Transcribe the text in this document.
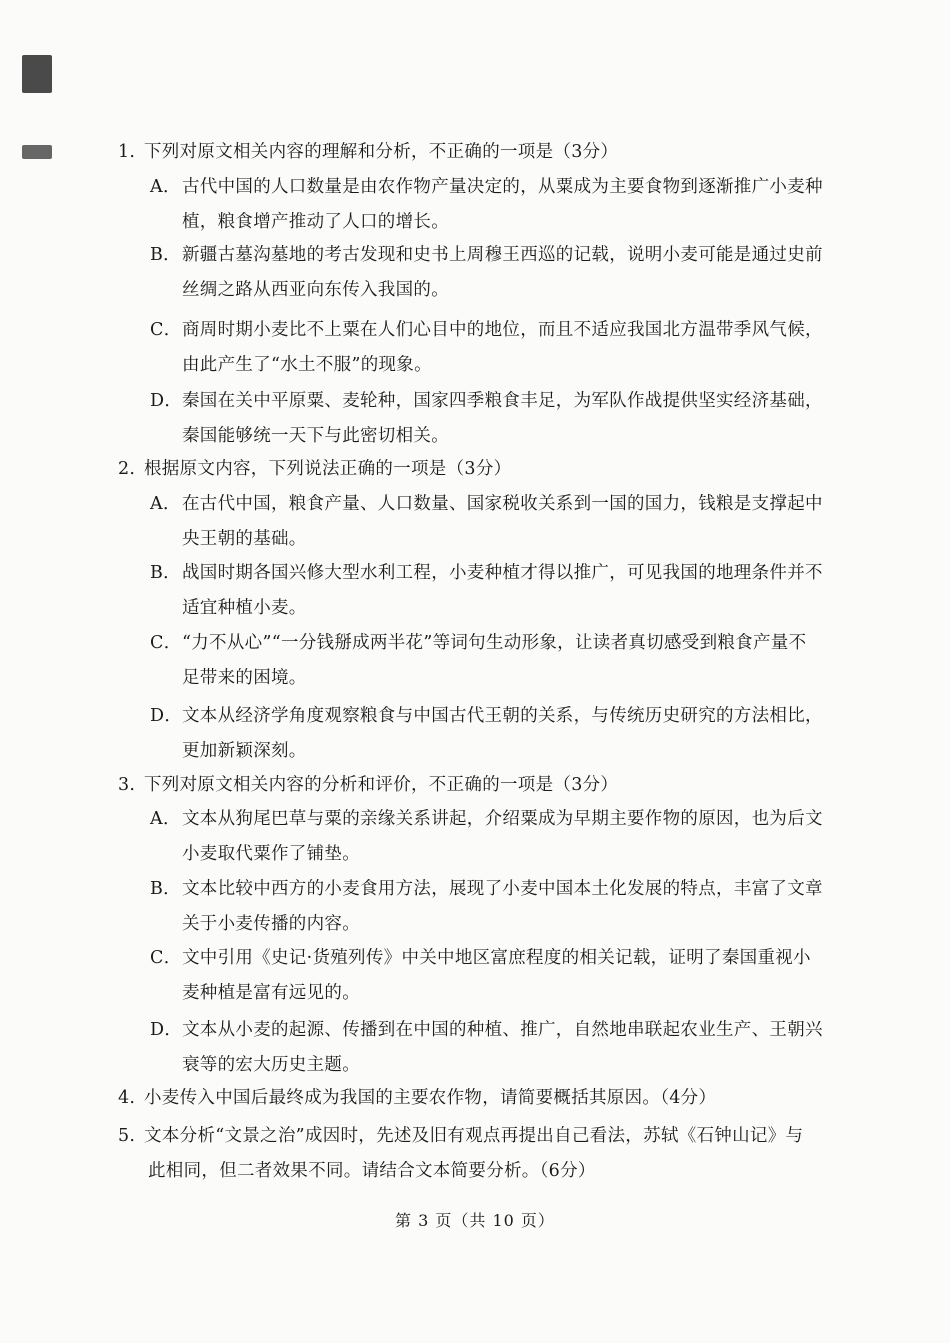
1. 下列对原文相关内容的理解和分析，不正确的一项是（3分）
A．古代中国的人口数量是由农作物产量决定的，从粟成为主要食物到逐渐推广小麦种
植，粮食增产推动了人口的增长。
B．新疆古墓沟墓地的考古发现和史书上周穆王西巡的记载，说明小麦可能是通过史前
丝绸之路从西亚向东传入我国的。
C．商周时期小麦比不上粟在人们心目中的地位，而且不适应我国北方温带季风气候，
由此产生了“水土不服”的现象。
D．秦国在关中平原粟、麦轮种，国家四季粮食丰足，为军队作战提供坚实经济基础，
秦国能够统一天下与此密切相关。
2. 根据原文内容，下列说法正确的一项是（3分）
A．在古代中国，粮食产量、人口数量、国家税收关系到一国的国力，钱粮是支撑起中
央王朝的基础。
B．战国时期各国兴修大型水利工程，小麦种植才得以推广，可见我国的地理条件并不
适宜种植小麦。
C．“力不从心”“一分钱掰成两半花”等词句生动形象，让读者真切感受到粮食产量不
足带来的困境。
D．文本从经济学角度观察粮食与中国古代王朝的关系，与传统历史研究的方法相比，
更加新颖深刻。
3. 下列对原文相关内容的分析和评价，不正确的一项是（3分）
A．文本从狗尾巴草与粟的亲缘关系讲起，介绍粟成为早期主要作物的原因，也为后文
小麦取代粟作了铺垫。
B．文本比较中西方的小麦食用方法，展现了小麦中国本土化发展的特点，丰富了文章
关于小麦传播的内容。
C．文中引用《史记·货殖列传》中关中地区富庶程度的相关记载，证明了秦国重视小
麦种植是富有远见的。
D．文本从小麦的起源、传播到在中国的种植、推广，自然地串联起农业生产、王朝兴
衰等的宏大历史主题。
4. 小麦传入中国后最终成为我国的主要农作物，请简要概括其原因。（4分）
5. 文本分析“文景之治”成因时，先述及旧有观点再提出自己看法，苏轼《石钟山记》与
此相同，但二者效果不同。请结合文本简要分析。（6分）
第 3 页（共 10 页）
